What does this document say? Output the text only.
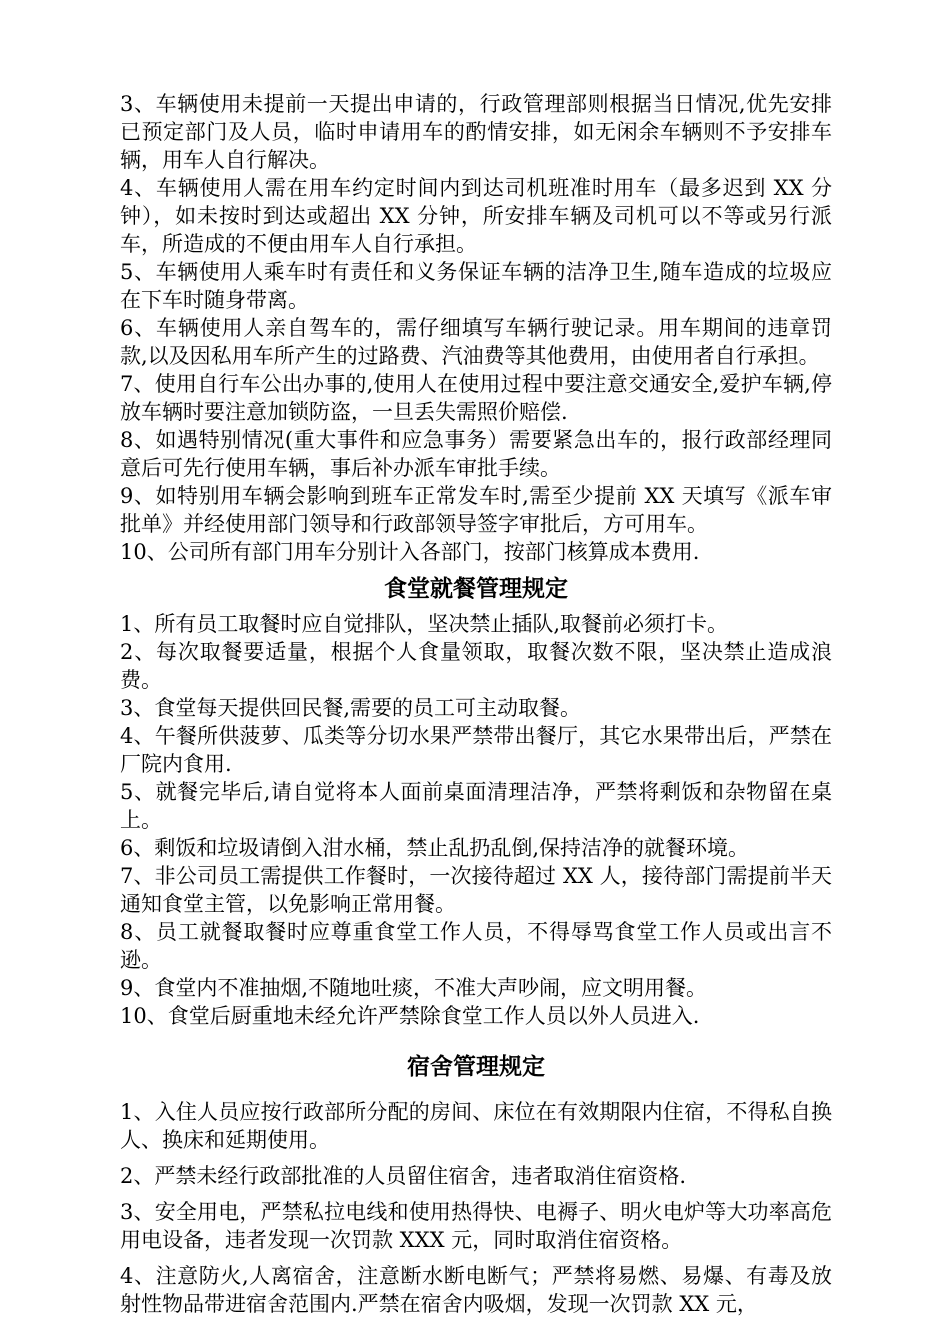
3、车辆使用未提前一天提出申请的，行政管理部则根据当日情况,优先安排已预定部门及人员，临时申请用车的酌情安排，如无闲余车辆则不予安排车辆，用车人自行解决。

4、车辆使用人需在用车约定时间内到达司机班准时用车（最多迟到 XX 分钟），如未按时到达或超出 XX 分钟，所安排车辆及司机可以不等或另行派车，所造成的不便由用车人自行承担。

5、车辆使用人乘车时有责任和义务保证车辆的洁净卫生,随车造成的垃圾应在下车时随身带离。

6、车辆使用人亲自驾车的，需仔细填写车辆行驶记录。用车期间的违章罚款,以及因私用车所产生的过路费、汽油费等其他费用，由使用者自行承担。

7、使用自行车公出办事的,使用人在使用过程中要注意交通安全,爱护车辆,停放车辆时要注意加锁防盗，一旦丢失需照价赔偿.

8、如遇特别情况(重大事件和应急事务）需要紧急出车的，报行政部经理同意后可先行使用车辆，事后补办派车审批手续。

9、如特别用车辆会影响到班车正常发车时,需至少提前 XX 天填写《派车审批单》并经使用部门领导和行政部领导签字审批后，方可用车。

10、公司所有部门用车分别计入各部门，按部门核算成本费用.

食堂就餐管理规定

1、所有员工取餐时应自觉排队，坚决禁止插队,取餐前必须打卡。

2、每次取餐要适量，根据个人食量领取，取餐次数不限，坚决禁止造成浪费。

3、食堂每天提供回民餐,需要的员工可主动取餐。

4、午餐所供菠萝、瓜类等分切水果严禁带出餐厅，其它水果带出后，严禁在厂院内食用.

5、就餐完毕后,请自觉将本人面前桌面清理洁净，严禁将剩饭和杂物留在桌上。

6、剩饭和垃圾请倒入泔水桶，禁止乱扔乱倒,保持洁净的就餐环境。

7、非公司员工需提供工作餐时，一次接待超过 XX 人，接待部门需提前半天通知食堂主管，以免影响正常用餐。

8、员工就餐取餐时应尊重食堂工作人员，不得辱骂食堂工作人员或出言不逊。

9、食堂内不准抽烟,不随地吐痰，不准大声吵闹，应文明用餐。

10、食堂后厨重地未经允许严禁除食堂工作人员以外人员进入.

宿舍管理规定

1、入住人员应按行政部所分配的房间、床位在有效期限内住宿，不得私自换人、换床和延期使用。

2、严禁未经行政部批准的人员留住宿舍，违者取消住宿资格.

3、安全用电，严禁私拉电线和使用热得快、电褥子、明火电炉等大功率高危用电设备，违者发现一次罚款 XXX 元，同时取消住宿资格。

4、注意防火,人离宿舍，注意断水断电断气；严禁将易燃、易爆、有毒及放射性物品带进宿舍范围内.严禁在宿舍内吸烟，发现一次罚款 XX 元，
